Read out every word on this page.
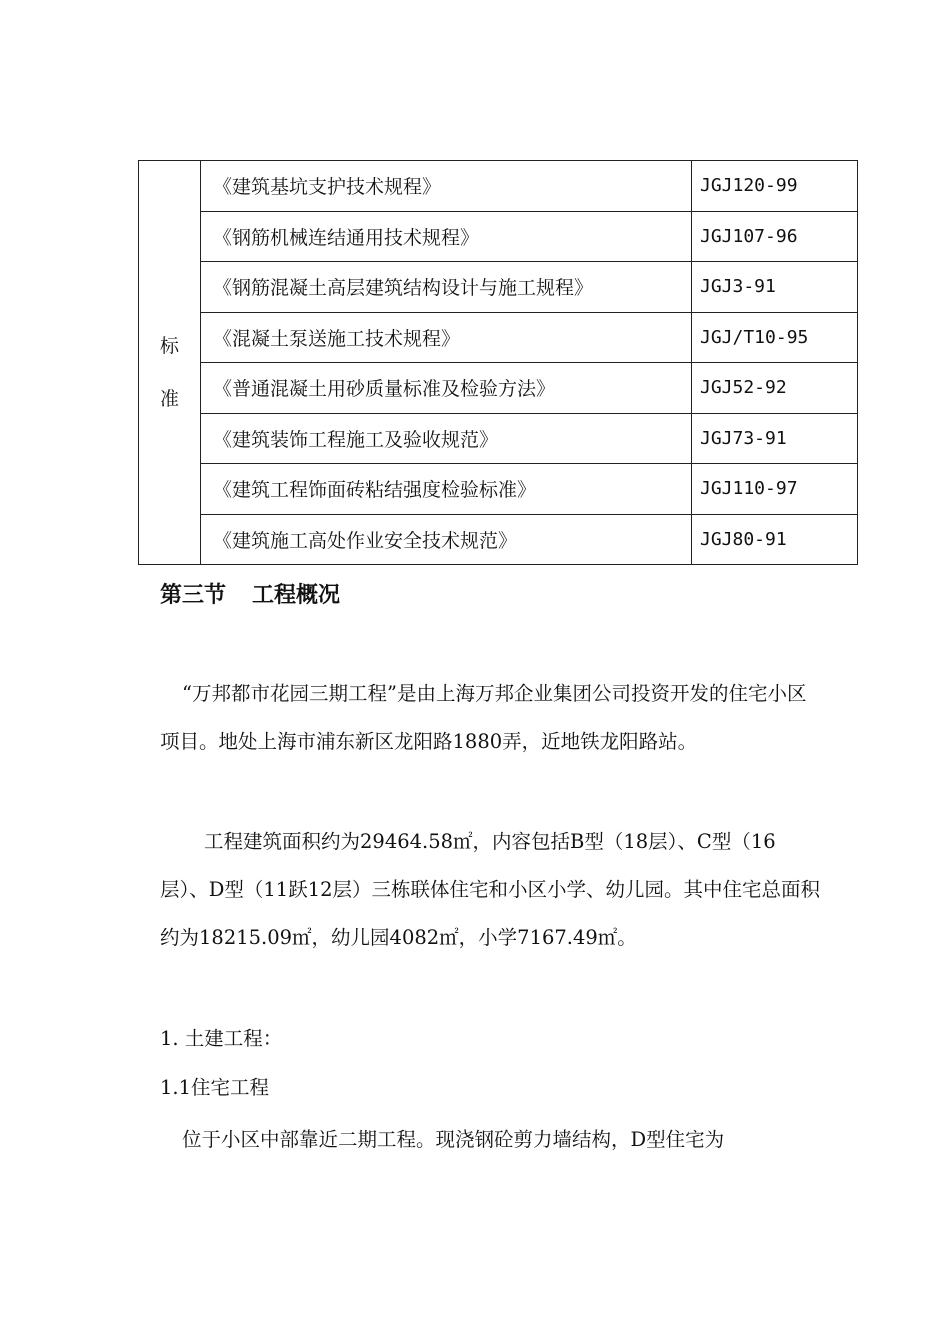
标
准	《建筑基坑支护技术规程》	JGJ120-99
	《钢筋机械连结通用技术规程》	JGJ107-96
	《钢筋混凝土高层建筑结构设计与施工规程》	JGJ3-91
	《混凝土泵送施工技术规程》	JGJ/T10-95
	《普通混凝土用砂质量标准及检验方法》	JGJ52-92
	《建筑装饰工程施工及验收规范》	JGJ73-91
	《建筑工程饰面砖粘结强度检验标准》	JGJ110-97
	《建筑施工高处作业安全技术规范》	JGJ80-91
第三节 工程概况
“万邦都市花园三期工程”是由上海万邦企业集团公司投资开发的住宅小区项目。地处上海市浦东新区龙阳路1880弄，近地铁龙阳路站。
工程建筑面积约为29464.58㎡，内容包括B型（18层）、C型（16层）、D型（11跃12层）三栋联体住宅和小区小学、幼儿园。其中住宅总面积约为18215.09㎡，幼儿园4082㎡，小学7167.49㎡。
1. 土建工程：
1.1住宅工程
位于小区中部靠近二期工程。现浇钢砼剪力墙结构，D型住宅为
